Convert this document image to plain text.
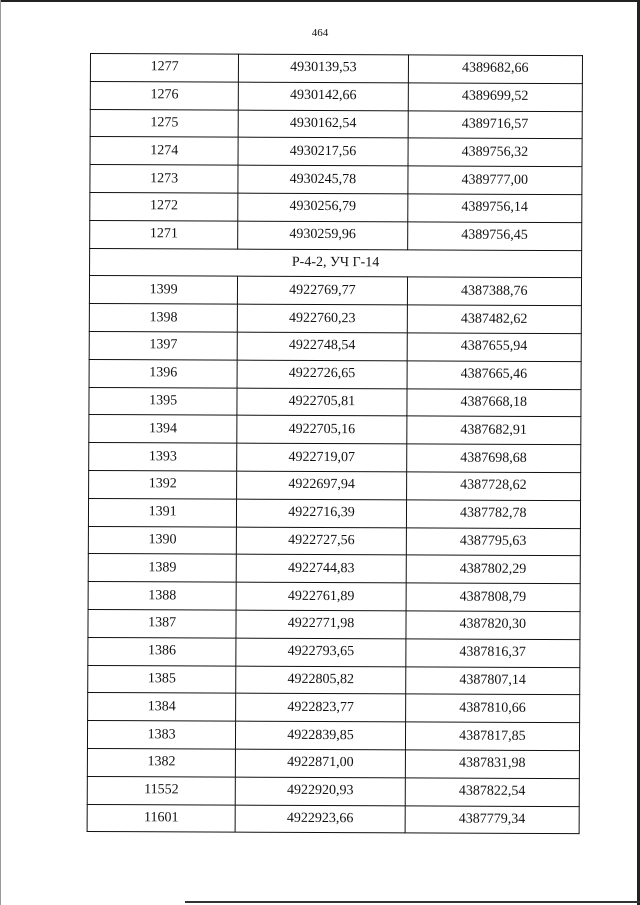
464
1277	4930139,53	4389682,66
1276	4930142,66	4389699,52
1275	4930162,54	4389716,57
1274	4930217,56	4389756,32
1273	4930245,78	4389777,00
1272	4930256,79	4389756,14
1271	4930259,96	4389756,45
Р-4-2, УЧ Г-14		
1399	4922769,77	4387388,76
1398	4922760,23	4387482,62
1397	4922748,54	4387655,94
1396	4922726,65	4387665,46
1395	4922705,81	4387668,18
1394	4922705,16	4387682,91
1393	4922719,07	4387698,68
1392	4922697,94	4387728,62
1391	4922716,39	4387782,78
1390	4922727,56	4387795,63
1389	4922744,83	4387802,29
1388	4922761,89	4387808,79
1387	4922771,98	4387820,30
1386	4922793,65	4387816,37
1385	4922805,82	4387807,14
1384	4922823,77	4387810,66
1383	4922839,85	4387817,85
1382	4922871,00	4387831,98
11552	4922920,93	4387822,54
11601	4922923,66	4387779,34
